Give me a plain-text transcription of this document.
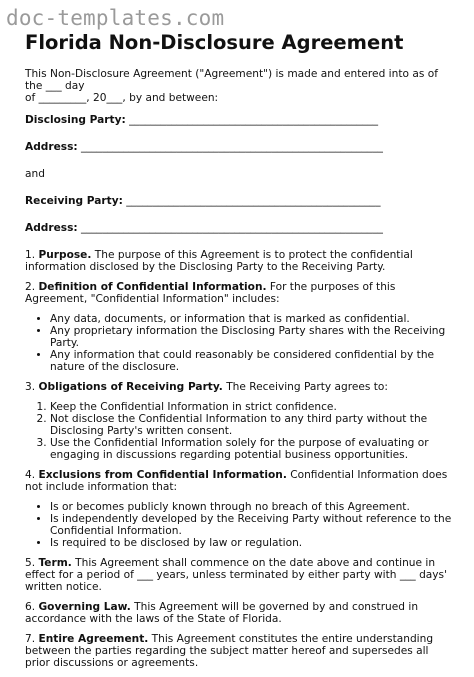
doc-templates.com
Florida Non-Disclosure Agreement

This Non-Disclosure Agreement ("Agreement") is made and entered into as of the ___ day
of _________, 20___, by and between:

Disclosing Party: _______________________________________________

Address: _________________________________________________________

and

Receiving Party: ________________________________________________

Address: _________________________________________________________

1. Purpose. The purpose of this Agreement is to protect the confidential information disclosed by the Disclosing Party to the Receiving Party.

2. Definition of Confidential Information. For the purposes of this Agreement, "Confidential Information" includes:

• Any data, documents, or information that is marked as confidential.
• Any proprietary information the Disclosing Party shares with the Receiving Party.
• Any information that could reasonably be considered confidential by the nature of the disclosure.

3. Obligations of Receiving Party. The Receiving Party agrees to:

1. Keep the Confidential Information in strict confidence.
2. Not disclose the Confidential Information to any third party without the Disclosing Party's written consent.
3. Use the Confidential Information solely for the purpose of evaluating or engaging in discussions regarding potential business opportunities.

4. Exclusions from Confidential Information. Confidential Information does not include information that:

• Is or becomes publicly known through no breach of this Agreement.
• Is independently developed by the Receiving Party without reference to the Confidential Information.
• Is required to be disclosed by law or regulation.

5. Term. This Agreement shall commence on the date above and continue in effect for a period of ___ years, unless terminated by either party with ___ days' written notice.

6. Governing Law. This Agreement will be governed by and construed in accordance with the laws of the State of Florida.

7. Entire Agreement. This Agreement constitutes the entire understanding between the parties regarding the subject matter hereof and supersedes all prior discussions or agreements.
